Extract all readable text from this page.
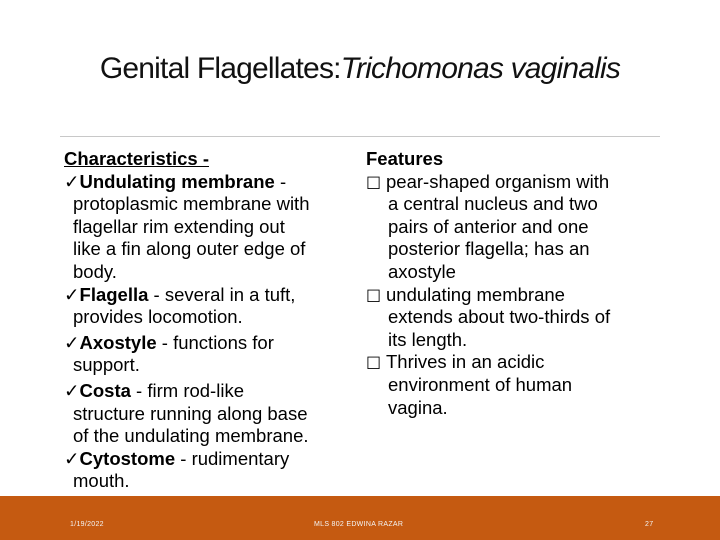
Genital Flagellates:Trichomonas vaginalis
Characteristics -
✓Undulating membrane -
protoplasmic membrane with
flagellar rim extending out
like a fin along outer edge of
body.
✓Flagella - several in a tuft,
provides locomotion.
✓Axostyle - functions for
support.
✓Costa - firm rod-like
structure running along base
of the undulating membrane.
✓Cytostome - rudimentary
mouth.
Features
□ pear-shaped organism with
a central nucleus and two
pairs of anterior and one
posterior flagella; has an
axostyle
□ undulating membrane
extends about two-thirds of
its length.
□ Thrives in an acidic
environment of human
vagina.
1/19/2022	MLS 802 EDWINA RAZAR	27
